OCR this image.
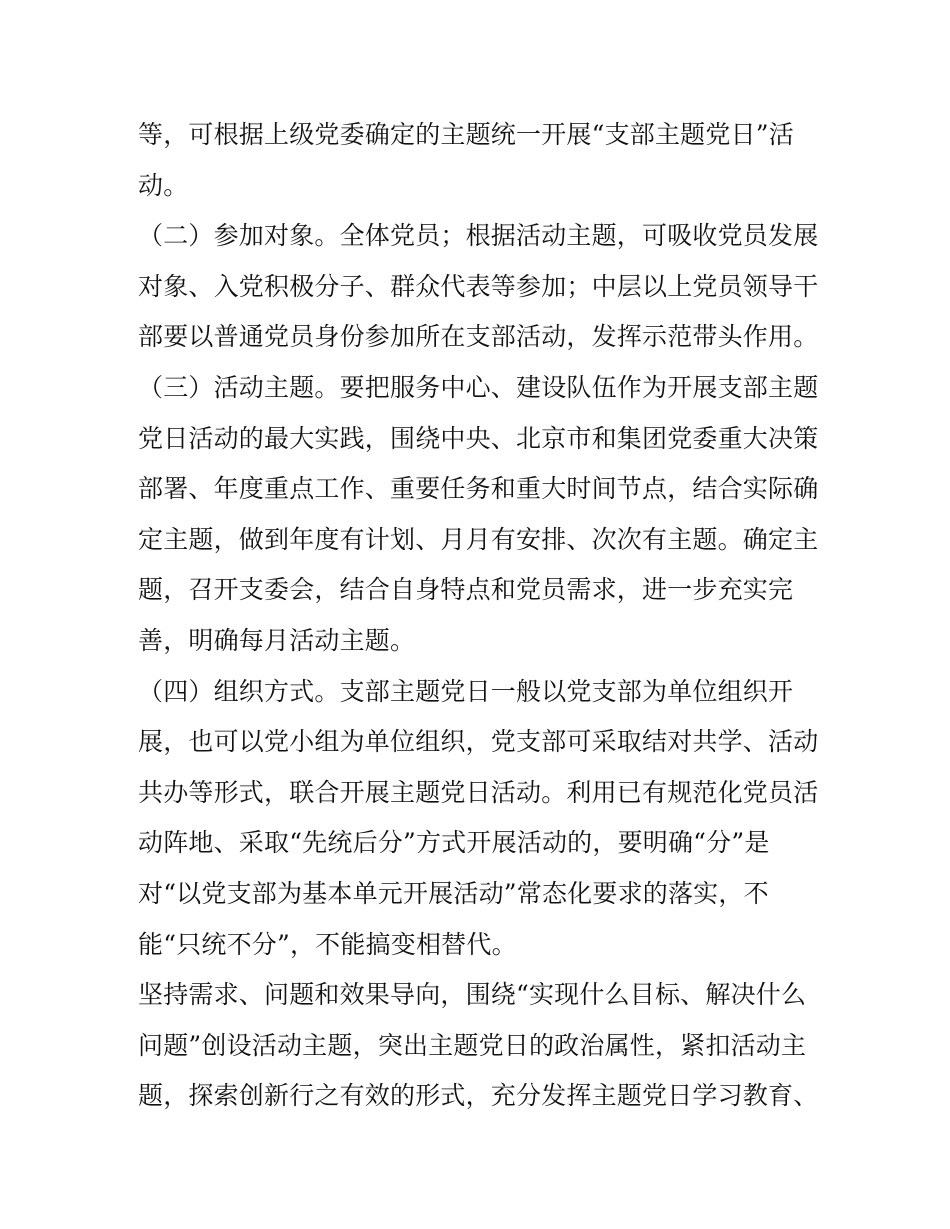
等，可根据上级党委确定的主题统一开展“支部主题党日”活
动。
（二）参加对象。全体党员；根据活动主题，可吸收党员发展
对象、入党积极分子、群众代表等参加；中层以上党员领导干
部要以普通党员身份参加所在支部活动，发挥示范带头作用。
（三）活动主题。要把服务中心、建设队伍作为开展支部主题
党日活动的最大实践，围绕中央、北京市和集团党委重大决策
部署、年度重点工作、重要任务和重大时间节点，结合实际确
定主题，做到年度有计划、月月有安排、次次有主题。确定主
题，召开支委会，结合自身特点和党员需求，进一步充实完
善，明确每月活动主题。
（四）组织方式。支部主题党日一般以党支部为单位组织开
展，也可以党小组为单位组织，党支部可采取结对共学、活动
共办等形式，联合开展主题党日活动。利用已有规范化党员活
动阵地、采取“先统后分”方式开展活动的，要明确“分”是
对“以党支部为基本单元开展活动”常态化要求的落实，不
能“只统不分”，不能搞变相替代。
坚持需求、问题和效果导向，围绕“实现什么目标、解决什么
问题”创设活动主题，突出主题党日的政治属性，紧扣活动主
题，探索创新行之有效的形式，充分发挥主题党日学习教育、
